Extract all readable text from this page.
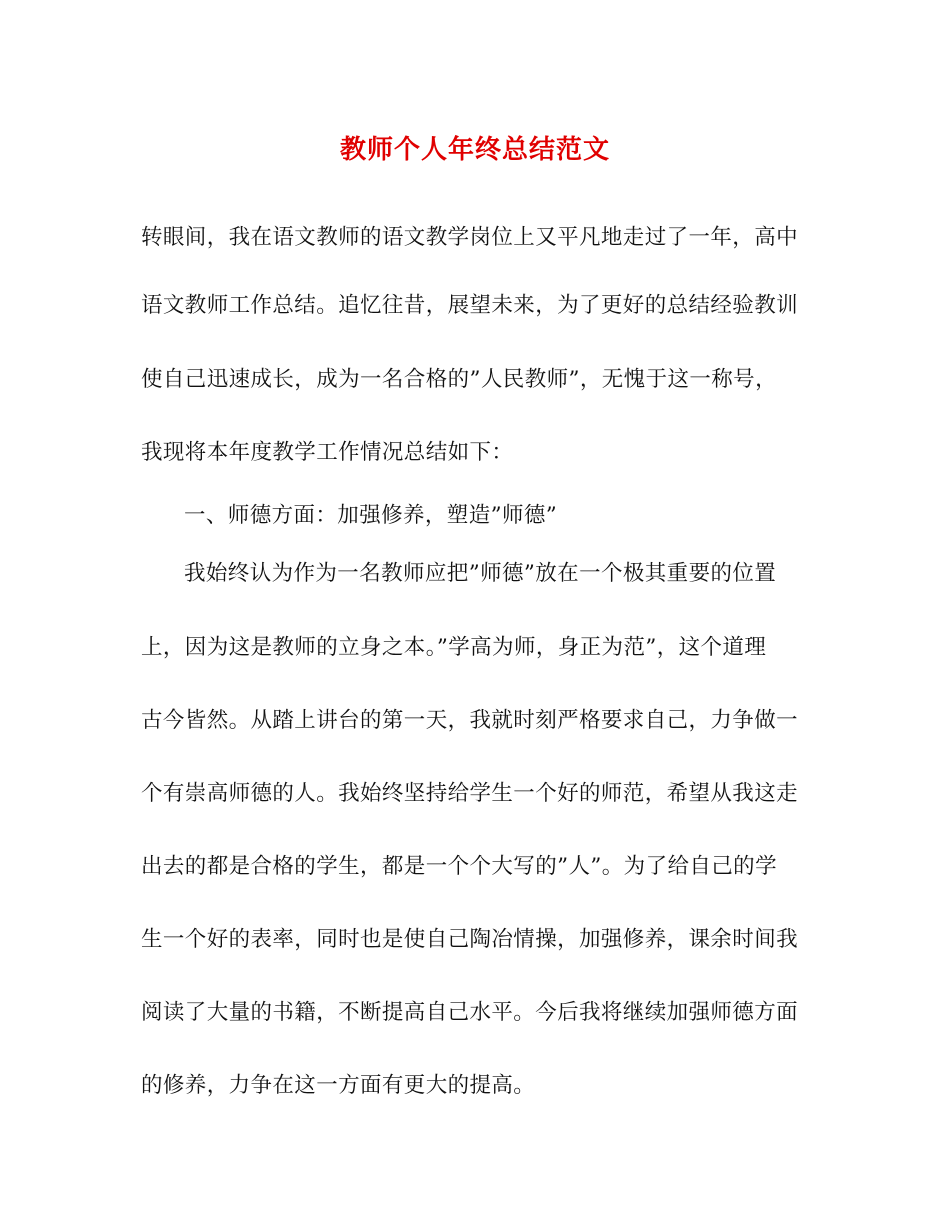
教师个人年终总结范文
转眼间，我在语文教师的语文教学岗位上又平凡地走过了一年，高中
语文教师工作总结。追忆往昔，展望未来，为了更好的总结经验教训
使自己迅速成长，成为一名合格的”人民教师”，无愧于这一称号，
我现将本年度教学工作情况总结如下：
一、师德方面：加强修养，塑造”师德”
我始终认为作为一名教师应把”师德”放在一个极其重要的位置
上，因为这是教师的立身之本。”学高为师，身正为范”，这个道理
古今皆然。从踏上讲台的第一天，我就时刻严格要求自己，力争做一
个有崇高师德的人。我始终坚持给学生一个好的师范，希望从我这走
出去的都是合格的学生，都是一个个大写的”人”。为了给自己的学
生一个好的表率，同时也是使自己陶冶情操，加强修养，课余时间我
阅读了大量的书籍，不断提高自己水平。今后我将继续加强师德方面
的修养，力争在这一方面有更大的提高。
